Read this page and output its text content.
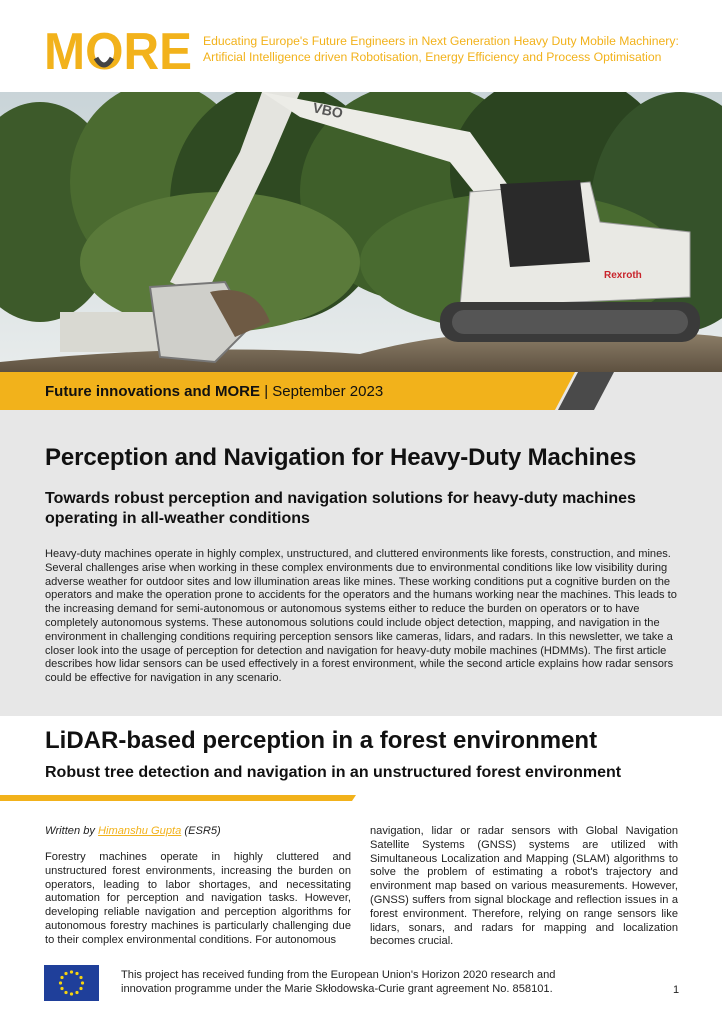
MORE Educating Europe's Future Engineers in Next Generation Heavy Duty Mobile Machinery: Artificial Intelligence driven Robotisation, Energy Efficiency and Process Optimisation
VBO
Rexroth
Future innovations and MORE | September 2023
Perception and Navigation for Heavy-Duty Machines
Towards robust perception and navigation solutions for heavy-duty machines operating in all-weather conditions
Heavy-duty machines operate in highly complex, unstructured, and cluttered environments like forests, construction, and mines. Several challenges arise when working in these complex environments due to environmental conditions like low visibility during adverse weather for outdoor sites and low illumination areas like mines. These working conditions put a cognitive burden on the operators and make the operation prone to accidents for the operators and the humans working near the machines. This leads to the increasing demand for semi-autonomous or autonomous systems either to reduce the burden on operators or to have completely autonomous systems. These autonomous solutions could include object detection, mapping, and navigation in the environment in challenging conditions requiring perception sensors like cameras, lidars, and radars. In this newsletter, we take a closer look into the usage of perception for detection and navigation for heavy-duty mobile machines (HDMMs). The first article describes how lidar sensors can be used effectively in a forest environment, while the second article explains how radar sensors could be effective for navigation in any scenario.
LiDAR-based perception in a forest environment
Robust tree detection and navigation in an unstructured forest environment
Written by Himanshu Gupta (ESR5)
Forestry machines operate in highly cluttered and unstructured forest environments, increasing the burden on operators, leading to labor shortages, and necessitating automation for perception and navigation tasks. However, developing reliable navigation and perception algorithms for autonomous forestry machines is particularly challenging due to their complex environmental conditions. For autonomous
navigation, lidar or radar sensors with Global Navigation Satellite Systems (GNSS) systems are utilized with Simultaneous Localization and Mapping (SLAM) algorithms to solve the problem of estimating a robot's trajectory and environment map based on various measurements. However, (GNSS) suffers from signal blockage and reflection issues in a forest environment. Therefore, relying on range sensors like lidars, sonars, and radars for mapping and localization becomes crucial.
This project has received funding from the European Union's Horizon 2020 research and innovation programme under the Marie Skłodowska-Curie grant agreement No. 858101.	1
